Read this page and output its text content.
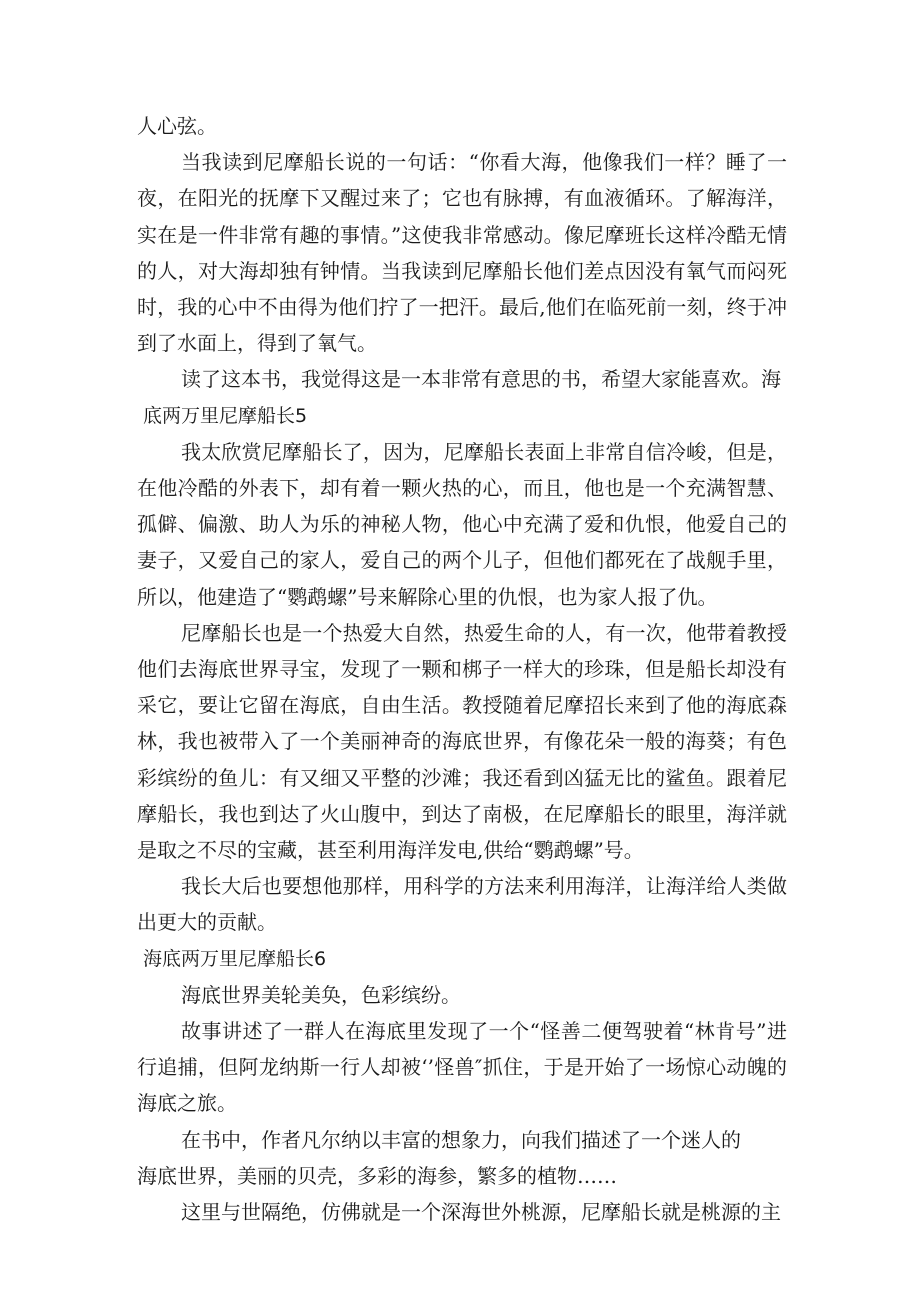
人心弦。

当我读到尼摩船长说的一句话：“你看大海，他像我们一样？睡了一夜，在阳光的抚摩下又醒过来了；它也有脉搏，有血液循环。了解海洋，实在是一件非常有趣的事情。”这使我非常感动。像尼摩班长这样冷酷无情的人，对大海却独有钟情。当我读到尼摩船长他们差点因没有氧气而闷死时，我的心中不由得为他们拧了一把汗。最后,他们在临死前一刻，终于冲到了水面上，得到了氧气。

读了这本书，我觉得这是一本非常有意思的书，希望大家能喜欢。海

底两万里尼摩船长5

我太欣赏尼摩船长了，因为，尼摩船长表面上非常自信冷峻，但是，在他冷酷的外表下，却有着一颗火热的心，而且，他也是一个充满智慧、孤僻、偏激、助人为乐的神秘人物，他心中充满了爱和仇恨，他爱自己的妻子，又爱自己的家人，爱自己的两个儿子，但他们都死在了战舰手里，所以，他建造了“鹦鹉螺”号来解除心里的仇恨，也为家人报了仇。

尼摩船长也是一个热爱大自然，热爱生命的人，有一次，他带着教授他们去海底世界寻宝，发现了一颗和梆子一样大的珍珠，但是船长却没有采它，要让它留在海底，自由生活。教授随着尼摩招长来到了他的海底森林，我也被带入了一个美丽神奇的海底世界，有像花朵一般的海葵；有色彩缤纷的鱼儿：有又细又平整的沙滩；我还看到凶猛无比的鲨鱼。跟着尼摩船长，我也到达了火山腹中，到达了南极，在尼摩船长的眼里，海洋就是取之不尽的宝藏，甚至利用海洋发电,供给“鹦鹉螺”号。

我长大后也要想他那样，用科学的方法来利用海洋，让海洋给人类做出更大的贡献。

海底两万里尼摩船长6

海底世界美轮美奂，色彩缤纷。

故事讲述了一群人在海底里发现了一个“怪善二便驾驶着“林肯号”进行追捕，但阿龙纳斯一行人却被‘’怪兽″抓住，于是开始了一场惊心动魄的海底之旅。

在书中，作者凡尔纳以丰富的想象力，向我们描述了一个迷人的

海底世界，美丽的贝壳，多彩的海参，繁多的植物……

这里与世隔绝，仿佛就是一个深海世外桃源，尼摩船长就是桃源的主
